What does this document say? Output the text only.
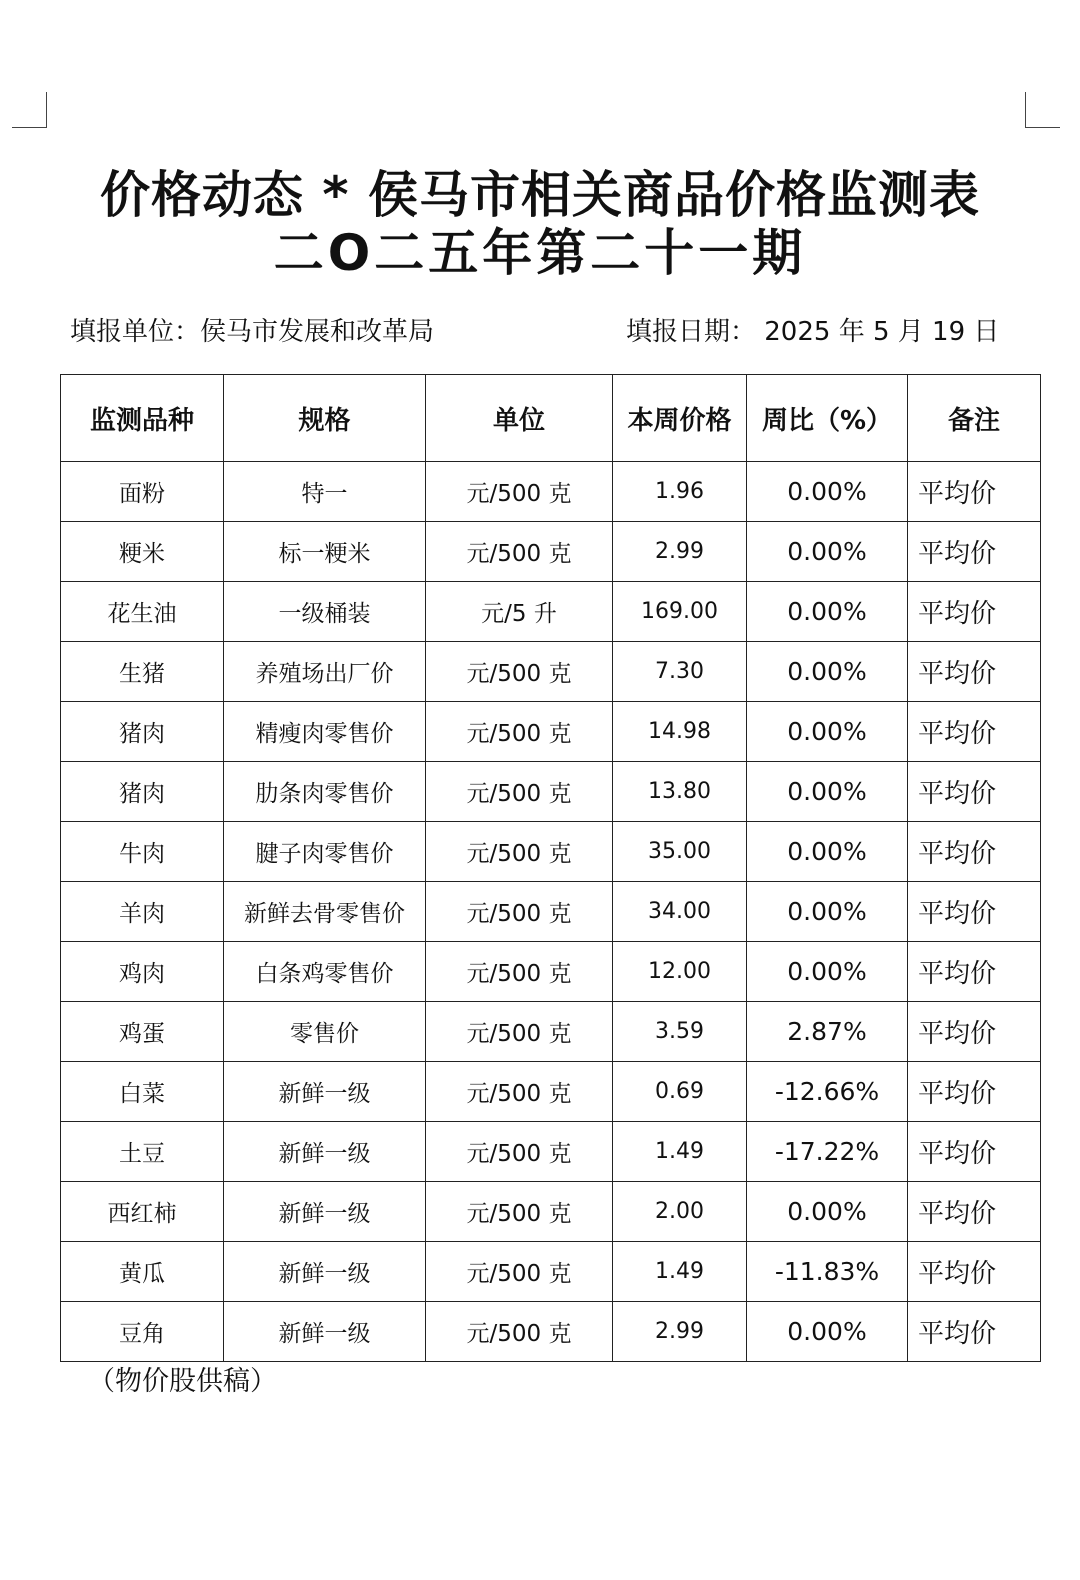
价格动态 * 侯马市相关商品价格监测表
二O二五年第二十一期
填报单位：侯马市发展和改革局	填报日期： 2025 年 5 月 19 日
监测品种	规格	单位	本周价格	周比（%）	备注
面粉	特一	元/500 克	1.96	0.00%	平均价
粳米	标一粳米	元/500 克	2.99	0.00%	平均价
花生油	一级桶装	元/5 升	169.00	0.00%	平均价
生猪	养殖场出厂价	元/500 克	7.30	0.00%	平均价
猪肉	精瘦肉零售价	元/500 克	14.98	0.00%	平均价
猪肉	肋条肉零售价	元/500 克	13.80	0.00%	平均价
牛肉	腱子肉零售价	元/500 克	35.00	0.00%	平均价
羊肉	新鲜去骨零售价	元/500 克	34.00	0.00%	平均价
鸡肉	白条鸡零售价	元/500 克	12.00	0.00%	平均价
鸡蛋	零售价	元/500 克	3.59	2.87%	平均价
白菜	新鲜一级	元/500 克	0.69	-12.66%	平均价
土豆	新鲜一级	元/500 克	1.49	-17.22%	平均价
西红柿	新鲜一级	元/500 克	2.00	0.00%	平均价
黄瓜	新鲜一级	元/500 克	1.49	-11.83%	平均价
豆角	新鲜一级	元/500 克	2.99	0.00%	平均价
（物价股供稿）
